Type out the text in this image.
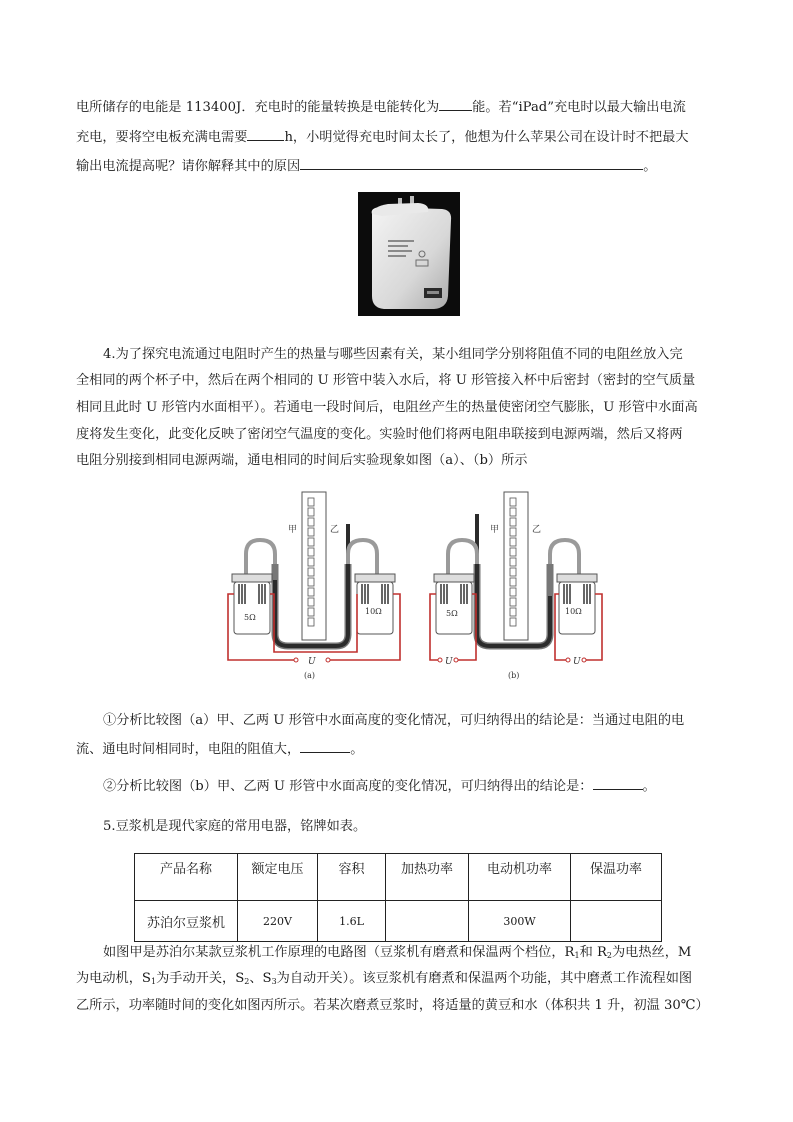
电所储存的电能是 113400J．充电时的能量转换是电能转化为	能。若“iPad”充电时以最大输出电流
充电，要将空电板充满电需要	h，小明觉得充电时间太长了，他想为什么苹果公司在设计时不把最大
输出电流提高呢？请你解释其中的原因	。
4.为了探究电流通过电阻时产生的热量与哪些因素有关，某小组同学分别将阻值不同的电阻丝放入完
全相同的两个杯子中，然后在两个相同的 U 形管中装入水后，将 U 形管接入杯中后密封（密封的空气质量
相同且此时 U 形管内水面相平）。若通电一段时间后，电阻丝产生的热量使密闭空气膨胀，U 形管中水面高
度将发生变化，此变化反映了密闭空气温度的变化。实验时他们将两电阻串联接到电源两端，然后又将两
电阻分别接到相同电源两端，通电相同的时间后实验现象如图（a）、（b）所示
甲	乙
5Ω
10Ω
U
(a)
甲	乙
5Ω	10Ω
U	U
(b)
①分析比较图（a）甲、乙两 U 形管中水面高度的变化情况，可归纳得出的结论是：当通过电阻的电
流、通电时间相同时，电阻的阻值大，	。
②分析比较图（b）甲、乙两 U 形管中水面高度的变化情况，可归纳得出的结论是：	。
5.豆浆机是现代家庭的常用电器，铭牌如表。
产品名称	额定电压	容积	加热功率	电动机功率	保温功率
苏泊尔豆浆机	220V	1.6L		300W	
如图甲是苏泊尔某款豆浆机工作原理的电路图（豆浆机有磨煮和保温两个档位，$R_1$和 $R_2$为电热丝，M
为电动机，$S_1$为手动开关，$S_2$、$S_3$为自动开关）。该豆浆机有磨煮和保温两个功能，其中磨煮工作流程如图
乙所示，功率随时间的变化如图丙所示。若某次磨煮豆浆时，将适量的黄豆和水（体积共 1 升，初温 30℃）
